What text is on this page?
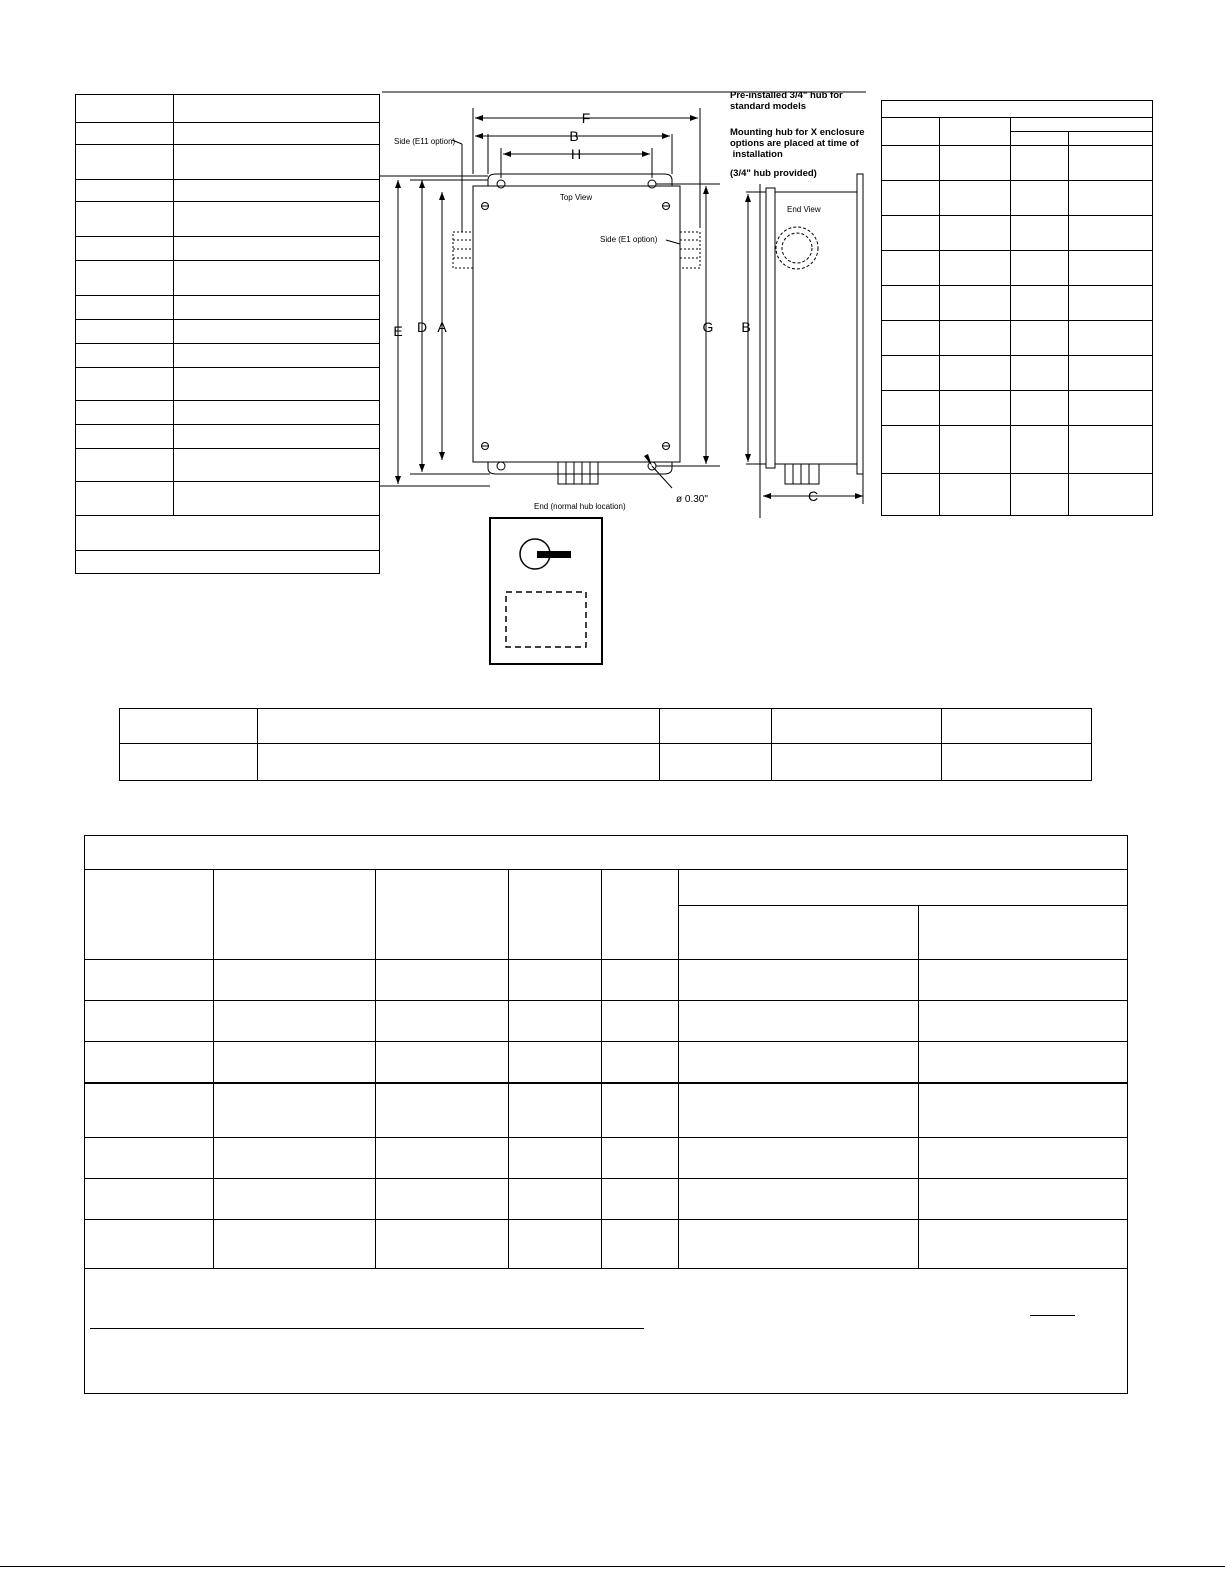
F
B
H
E D A	G B
C
Top View
End View
Side (E11 option)
Side (E1 option)
End (normal hub location)
ø 0.30"
Pre-installed 3/4" hub for
standard models
Mounting hub for X enclosure
options are placed at time of
installation
(3/4" hub provided)
